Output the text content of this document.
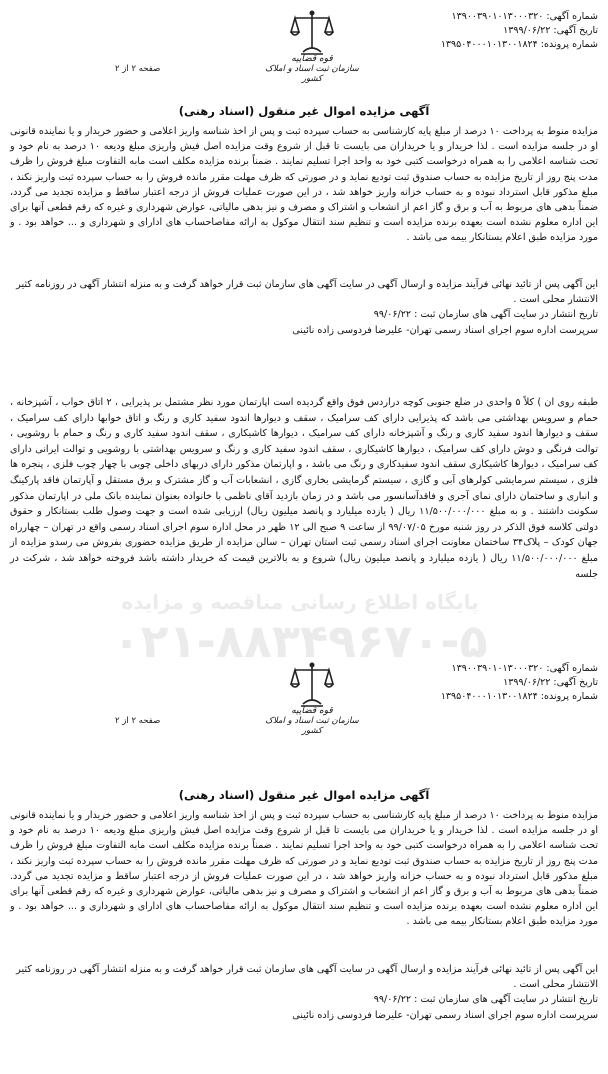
شماره آگهی: ۱۳۹۰۰۳۹۰۱۰۱۳۰۰۰۳۲۰
تاریخ آگهی: ۱۳۹۹/۰۶/۲۲
شماره پرونده: ۱۳۹۵۰۴۰۰۰۱۰۱۳۰۰۱۸۲۴
قوه قضاییه
سازمان ثبت اسناد و املاک کشور
صفحه ۲ از ۲
آگهی مزایده اموال غیر منقول (اسناد رهنی)
مزایده منوط به پرداخت ۱۰ درصد از مبلغ پایه کارشناسی به حساب سپرده ثبت و پس از اخذ شناسه واریز اعلامی و حضور خریدار و یا نماینده قانونی او در جلسه مزایده است . لذا خریدار و یا خریداران می بایست تا قبل از شروع وقت مزایده اصل فیش واریزی مبلغ ودیعه ۱۰ درصد به نام خود و تحت شناسه اعلامی را به همراه درخواست کتبی خود به واحد اجرا تسلیم نمایند . ضمناً برنده مزایده مکلف است مابه التفاوت مبلغ فروش را ظرف مدت پنج روز از تاریخ مزایده به حساب صندوق ثبت تودیع نماید و در صورتی که ظرف مهلت مقرر مانده فروش را به حساب سپرده ثبت واریز نکند ، مبلغ مذکور قابل استرداد نبوده و به حساب خزانه واریز خواهد شد ، در این صورت عملیات فروش از درجه اعتبار ساقط و مزایده تجدید می گردد، ضمناً بدهی های مربوط به آب و برق و گاز اعم از انشعاب و اشتراک و مصرف و نیز بدهی مالیاتی، عوارض شهرداری و غیره که رقم قطعی آنها برای این اداره معلوم نشده است بعهده برنده مزایده است و تنظیم سند انتقال موکول به ارائه مفاصاحساب های ادارای و شهرداری و ... خواهد بود . و مورد مزایده طبق اعلام بستانکار بیمه می باشد .
این آگهی پس از تائید نهائی فرآیند مزایده و ارسال آگهی در سایت آگهی های سازمان ثبت قرار خواهد گرفت و به منزله انتشار آگهی در روزنامه کثیر الانتشار محلی است .
تاریخ انتشار در سایت آگهی های سازمان ثبت : ۹۹/۰۶/۲۲
سرپرست اداره سوم اجرای اسناد رسمی تهران- علیرضا فردوسی زاده نائینی
طبقه روی ان ) کلاً ۵ واحدی در ضلع جنوبی کوچه دراردس فوق واقع گردیده است اپارتمان مورد نظر مشتمل بر پذیرایی ، ۲ اتاق خواب ، آشپزخانه ، حمام و سرویس بهداشتی می باشد که پذیرایی دارای کف سرامیک ، سقف و دیوارها اندود سفید کاری و رنگ و اتاق خوابها دارای کف سرامیک ، سقف و دیوارها اندود سفید کاری و رنگ و آشپزخانه دارای کف سرامیک ، دیوارها کاشیکاری ، سقف اندود سفید کاری و رنگ و حمام با روشویی ، توالت فرنگی و دوش دارای کف سرامیک ، دیوارها کاشیکاری ، سقف اندود سفید کاری و رنگ و سرویس بهداشتی با روشویی و توالت ایرانی دارای کف سرامیک ، دیوارها کاشیکاری سقف اندود سفیدکاری و رنگ می باشد ، و اپارتمان مذکور دارای دربهای داخلی چوبی با چهار چوب فلزی ، پنجره ها فلزی ، سیستم سرمایشی کولرهای آبی و گازی ، سیستم گرمایشی بخاری گازی ، انشعابات آب و گاز مشترک و برق مستقل و آپارتمان فاقد پارکینگ و انباری و ساختمان دارای نمای آجری و فاقدآسانسور می باشد و در زمان بازدید آقای ناظمی با خانواده بعنوان نماینده بانک ملی در اپارتمان مذکور سکونت داشتند . و به مبلغ ۱۱/۵۰۰/۰۰۰/۰۰۰ ریال ( یازده میلیارد و پانصد میلیون ریال) ارزیابی شده است و جهت وصول طلب بستانکار و حقوق دولتی کلاسه فوق الذکر در روز شنبه مورخ ۹۹/۰۷/۰۵ از ساعت ۹ صبح الی ۱۲ ظهر در محل اداره سوم اجرای اسناد رسمی واقع در تهران – چهارراه جهان کودک – پلاک۳۴ ساختمان معاونت اجرای اسناد رسمی ثبت استان تهران – سالن مزایده از طریق مزایده حضوری بفروش می رسدو مزایده از مبلغ ۱۱/۵۰۰/۰۰۰/۰۰۰ ریال ( یازده میلیارد و پانصد میلیون ریال) شروع و به بالاترین قیمت که خریدار داشته باشد فروخته خواهد شد ، شرکت در جلسه
پایگاه اطلاع رسانی مناقصه و مزایده
۰۲۱-۸۸۳۴۹۶۷۰-۵
شماره آگهی: ۱۳۹۰۰۳۹۰۱۰۱۳۰۰۰۳۲۰
تاریخ آگهی: ۱۳۹۹/۰۶/۲۲
شماره پرونده: ۱۳۹۵۰۴۰۰۰۱۰۱۳۰۰۱۸۲۴
قوه قضاییه
سازمان ثبت اسناد و املاک کشور
صفحه ۲ از ۲
آگهی مزایده اموال غیر منقول (اسناد رهنی)
مزایده منوط به پرداخت ۱۰ درصد از مبلغ پایه کارشناسی به حساب سپرده ثبت و پس از اخذ شناسه واریز اعلامی و حضور خریدار و یا نماینده قانونی او در جلسه مزایده است . لذا خریدار و یا خریداران می بایست تا قبل از شروع وقت مزایده اصل فیش واریزی مبلغ ودیعه ۱۰ درصد به نام خود و تحت شناسه اعلامی را به همراه درخواست کتبی خود به واحد اجرا تسلیم نمایند . ضمناً برنده مزایده مکلف است مابه التفاوت مبلغ فروش را ظرف مدت پنج روز از تاریخ مزایده به حساب صندوق ثبت تودیع نماید و در صورتی که ظرف مهلت مقرر مانده فروش را به حساب سپرده ثبت واریز نکند ، مبلغ مذکور قابل استرداد نبوده و به حساب خزانه واریز خواهد شد ، در این صورت عملیات فروش از درجه اعتبار ساقط و مزایده تجدید می گردد. ضمناً بدهی های مربوط به آب و برق و گاز اعم از انشعاب و اشتراک و مصرف و نیز بدهی مالیاتی، عوارض شهرداری و غیره که رقم قطعی آنها برای این اداره معلوم نشده است بعهده برنده مزایده است و تنظیم سند انتقال موکول به ارائه مفاصاحساب های ادارای و شهرداری و ... خواهد بود . و مورد مزایده طبق اعلام بستانکار بیمه می باشد .
این آگهی پس از تائید نهائی فرآیند مزایده و ارسال آگهی در سایت آگهی های سازمان ثبت قرار خواهد گرفت و به منزله انتشار آگهی در روزنامه کثیر الانتشار محلی است .
تاریخ انتشار در سایت آگهی های سازمان ثبت : ۹۹/۰۶/۲۲
سرپرست اداره سوم اجرای اسناد رسمی تهران- علیرضا فردوسی زاده نائینی
